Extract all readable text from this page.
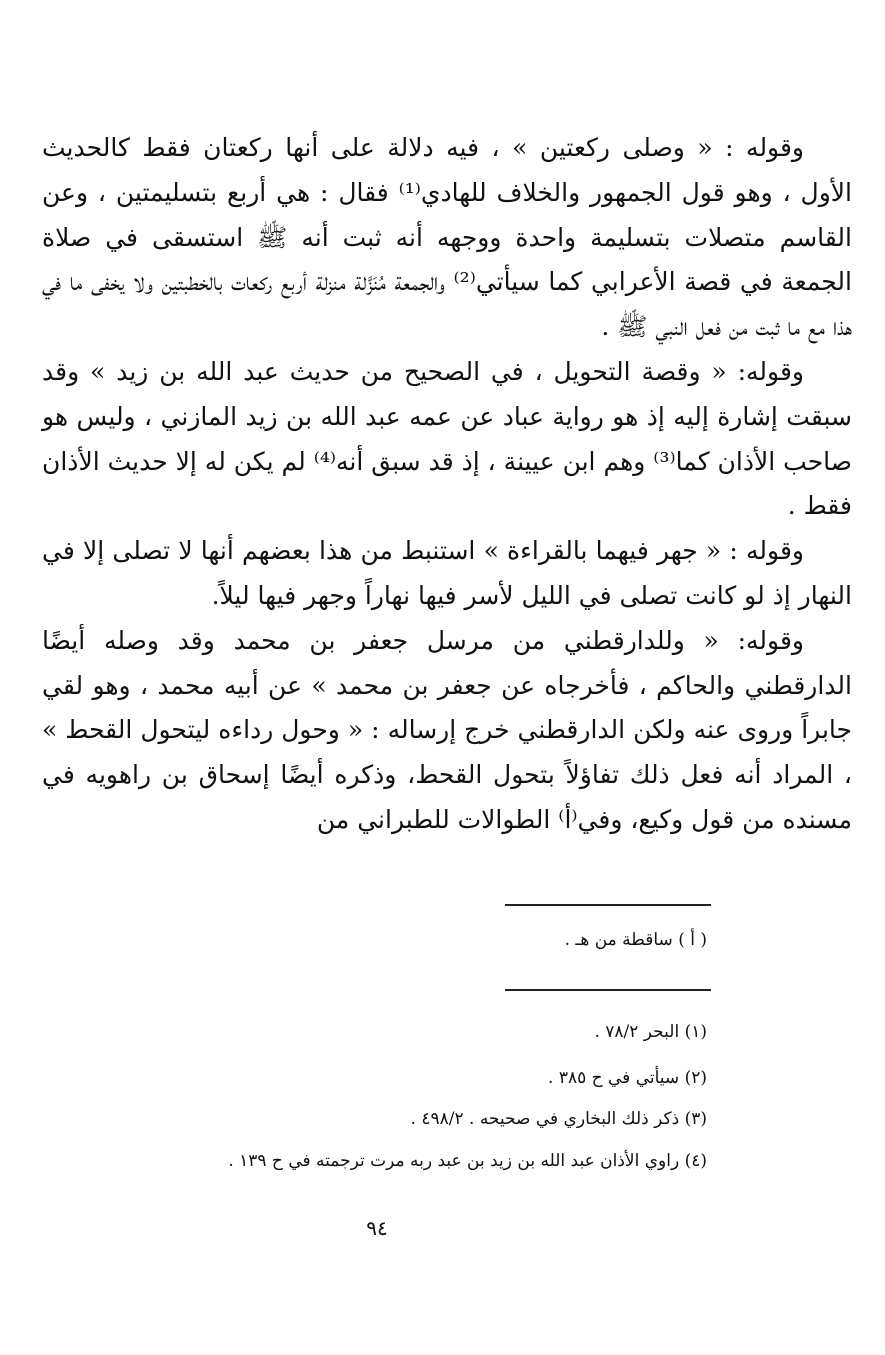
وقوله : « وصلى ركعتين » ، فيه دلالة على أنها ركعتان فقط كالحديث الأول ، وهو قول الجمهور والخلاف للهادي⁽¹⁾ فقال : هي أربع بتسليمتين ، وعن القاسم متصلات بتسليمة واحدة ووجهه أنه ثبت أنه ﷺ استسقى في صلاة الجمعة في قصة الأعرابي كما سيأتي⁽²⁾ والجمعة مُنَزَّلة منزلة أربع ركعات بالخطبتين ولا يخفى ما في هذا مع ما ثبت من فعل النبي ﷺ .

وقوله: « وقصة التحويل ، في الصحيح من حديث عبد الله بن زيد » وقد سبقت إشارة إليه إذ هو رواية عباد عن عمه عبد الله بن زيد المازني ، وليس هو صاحب الأذان كما⁽³⁾ وهم ابن عيينة ، إذ قد سبق أنه⁽⁴⁾ لم يكن له إلا حديث الأذان فقط .

وقوله : « جهر فيهما بالقراءة » استنبط من هذا بعضهم أنها لا تصلى إلا في النهار إذ لو كانت تصلى في الليل لأسر فيها نهاراً وجهر فيها ليلاً.

وقوله: « وللدارقطني من مرسل جعفر بن محمد وقد وصله أيضًا الدارقطني والحاكم ، فأخرجاه عن جعفر بن محمد » عن أبيه محمد ، وهو لقي جابراً وروى عنه ولكن الدارقطني خرج إرساله : « وحول رداءه ليتحول القحط » ، المراد أنه فعل ذلك تفاؤلاً بتحول القحط، وذكره أيضًا إسحاق بن راهويه في مسنده من قول وكيع، وفي⁽أ⁾ الطوالات للطبراني من

( أ ) ساقطة من هـ .
(١) البحر ٧٨/٢ .
(٢) سيأتي في ح ٣٨٥ .
(٣) ذكر ذلك البخاري في صحيحه . ٤٩٨/٢ .
(٤) راوي الأذان عبد الله بن زيد بن عبد ربه مرت ترجمته في ح ١٣٩ .
٩٤
